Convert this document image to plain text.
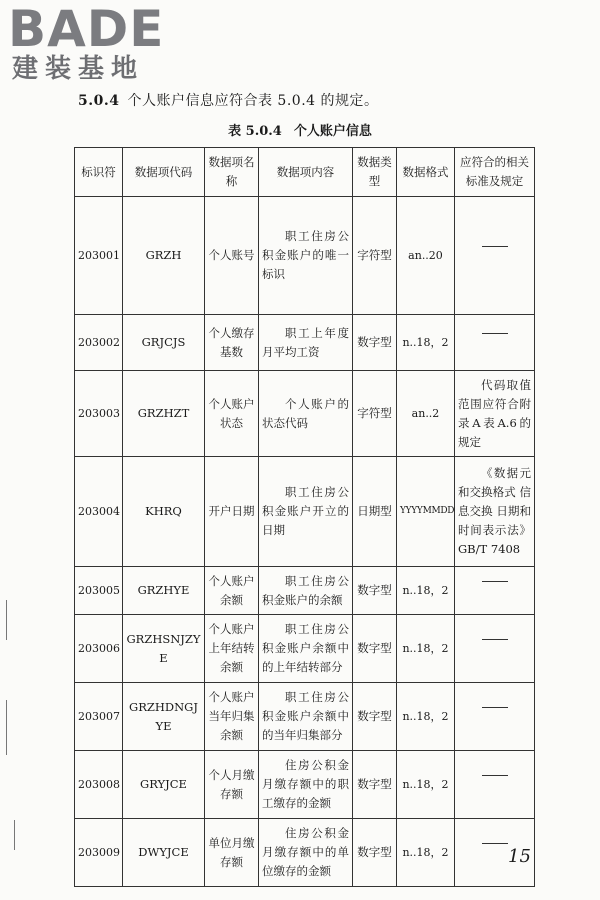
BADE
建装基地
5.0.4 个人账户信息应符合表 5.0.4 的规定。
表 5.0.4 个人账户信息
标识符	数据项代码	数据项名称	数据项内容	数据类型	数据格式	应符合的相关标准及规定
203001	GRZH	个人账号	职工住房公积金账户的唯一标识	字符型	an..20	
203002	GRJCJS	个人缴存基数	职工上年度月平均工资	数字型	n..18，2	
203003	GRZHZT	个人账户状态	个人账户的状态代码	字符型	an..2	代码取值范围应符合附录A表A.6的规定
203004	KHRQ	开户日期	职工住房公积金账户开立的日期	日期型	YYYYMMDD	《数据元和交换格式 信息交换 日期和时间表示法》GB/T 7408
203005	GRZHYE	个人账户余额	职工住房公积金账户的余额	数字型	n..18，2	
203006	GRZHSNJZYE	个人账户上年结转余额	职工住房公积金账户余额中的上年结转部分	数字型	n..18，2	
203007	GRZHDNGJYE	个人账户当年归集余额	职工住房公积金账户余额中的当年归集部分	数字型	n..18，2	
203008	GRYJCE	个人月缴存额	住房公积金月缴存额中的职工缴存的金额	数字型	n..18，2	
203009	DWYJCE	单位月缴存额	住房公积金月缴存额中的单位缴存的金额	数字型	n..18，2		15
